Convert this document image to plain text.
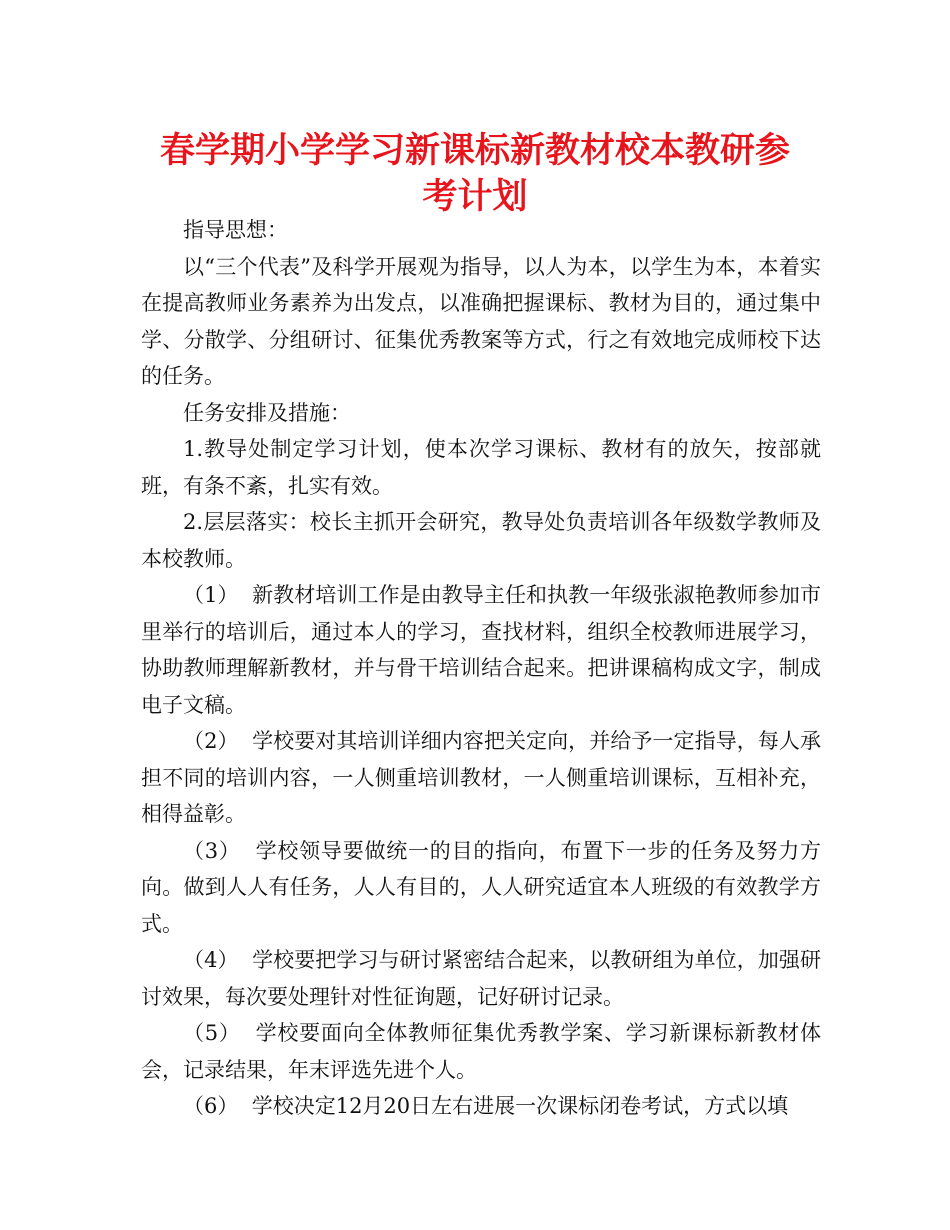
春学期小学学习新课标新教材校本教研参
考计划

指导思想：

以“三个代表”及科学开展观为指导，以人为本，以学生为本，本着实在提高教师业务素养为出发点，以准确把握课标、教材为目的，通过集中学、分散学、分组研讨、征集优秀教案等方式，行之有效地完成师校下达的任务。

任务安排及措施：

1.教导处制定学习计划，使本次学习课标、教材有的放矢，按部就班，有条不紊，扎实有效。

2.层层落实：校长主抓开会研究，教导处负责培训各年级数学教师及本校教师。

（1）  新教材培训工作是由教导主任和执教一年级张淑艳教师参加市里举行的培训后，通过本人的学习，查找材料，组织全校教师进展学习，协助教师理解新教材，并与骨干培训结合起来。把讲课稿构成文字，制成电子文稿。

（2）  学校要对其培训详细内容把关定向，并给予一定指导，每人承担不同的培训内容，一人侧重培训教材，一人侧重培训课标，互相补充，相得益彰。

（3）  学校领导要做统一的目的指向，布置下一步的任务及努力方向。做到人人有任务，人人有目的，人人研究适宜本人班级的有效教学方式。

（4）  学校要把学习与研讨紧密结合起来，以教研组为单位，加强研讨效果，每次要处理针对性征询题，记好研讨记录。

（5）  学校要面向全体教师征集优秀教学案、学习新课标新教材体会，记录结果，年末评选先进个人。

（6）  学校决定12月20日左右进展一次课标闭卷考试，方式以填
